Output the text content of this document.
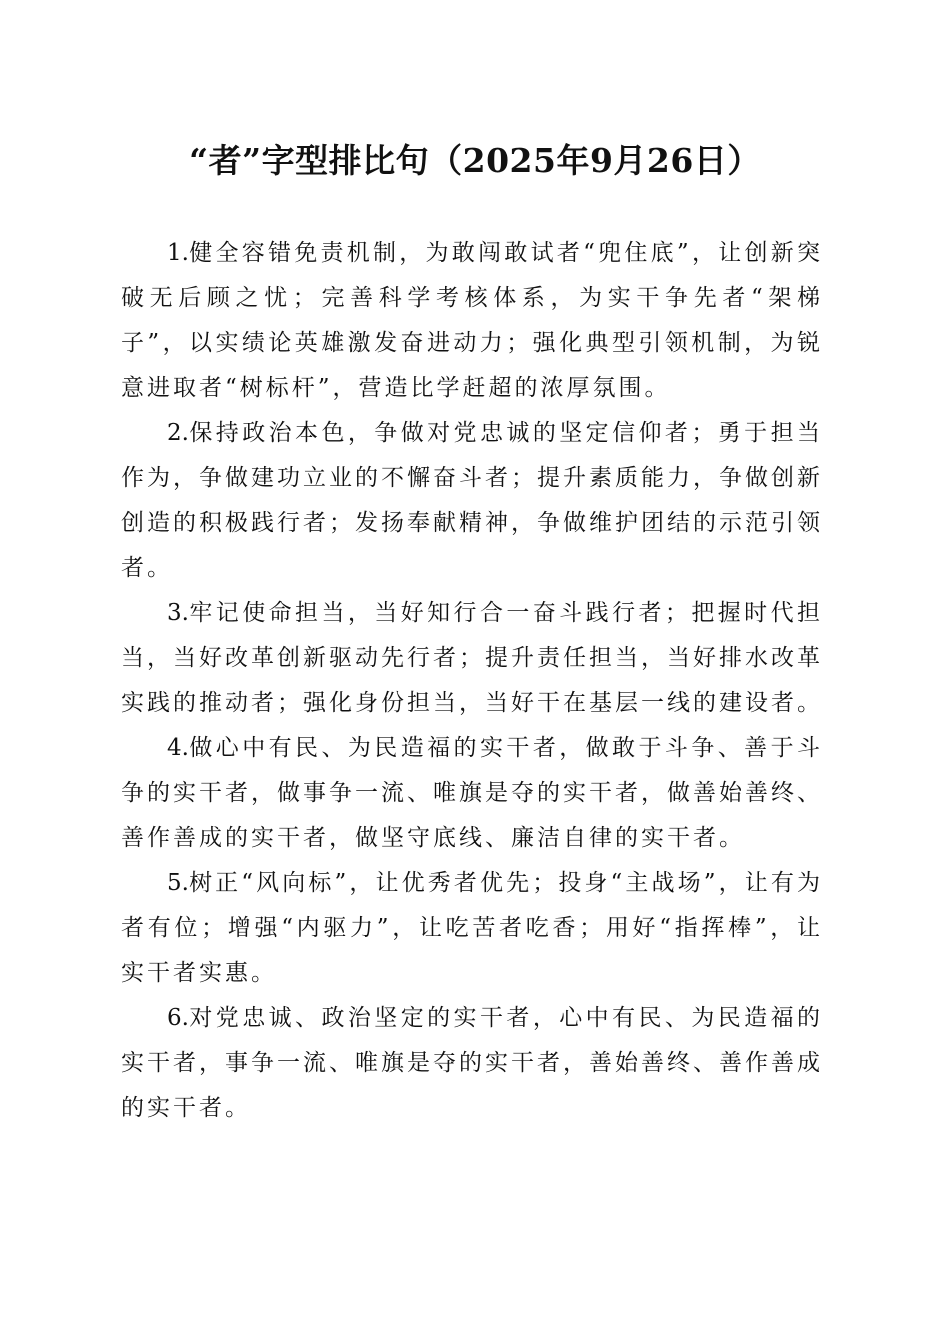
“者”字型排比句（2025年9月26日）

1.健全容错免责机制，为敢闯敢试者“兜住底”，让创新突破无后顾之忧；完善科学考核体系，为实干争先者“架梯子”，以实绩论英雄激发奋进动力；强化典型引领机制，为锐意进取者“树标杆”，营造比学赶超的浓厚氛围。

2.保持政治本色，争做对党忠诚的坚定信仰者；勇于担当作为，争做建功立业的不懈奋斗者；提升素质能力，争做创新创造的积极践行者；发扬奉献精神，争做维护团结的示范引领者。

3.牢记使命担当，当好知行合一奋斗践行者；把握时代担当，当好改革创新驱动先行者；提升责任担当，当好排水改革实践的推动者；强化身份担当，当好干在基层一线的建设者。

4.做心中有民、为民造福的实干者，做敢于斗争、善于斗争的实干者，做事争一流、唯旗是夺的实干者，做善始善终、善作善成的实干者，做坚守底线、廉洁自律的实干者。

5.树正“风向标”，让优秀者优先；投身“主战场”，让有为者有位；增强“内驱力”，让吃苦者吃香；用好“指挥棒”，让实干者实惠。

6.对党忠诚、政治坚定的实干者，心中有民、为民造福的实干者，事争一流、唯旗是夺的实干者，善始善终、善作善成的实干者。
